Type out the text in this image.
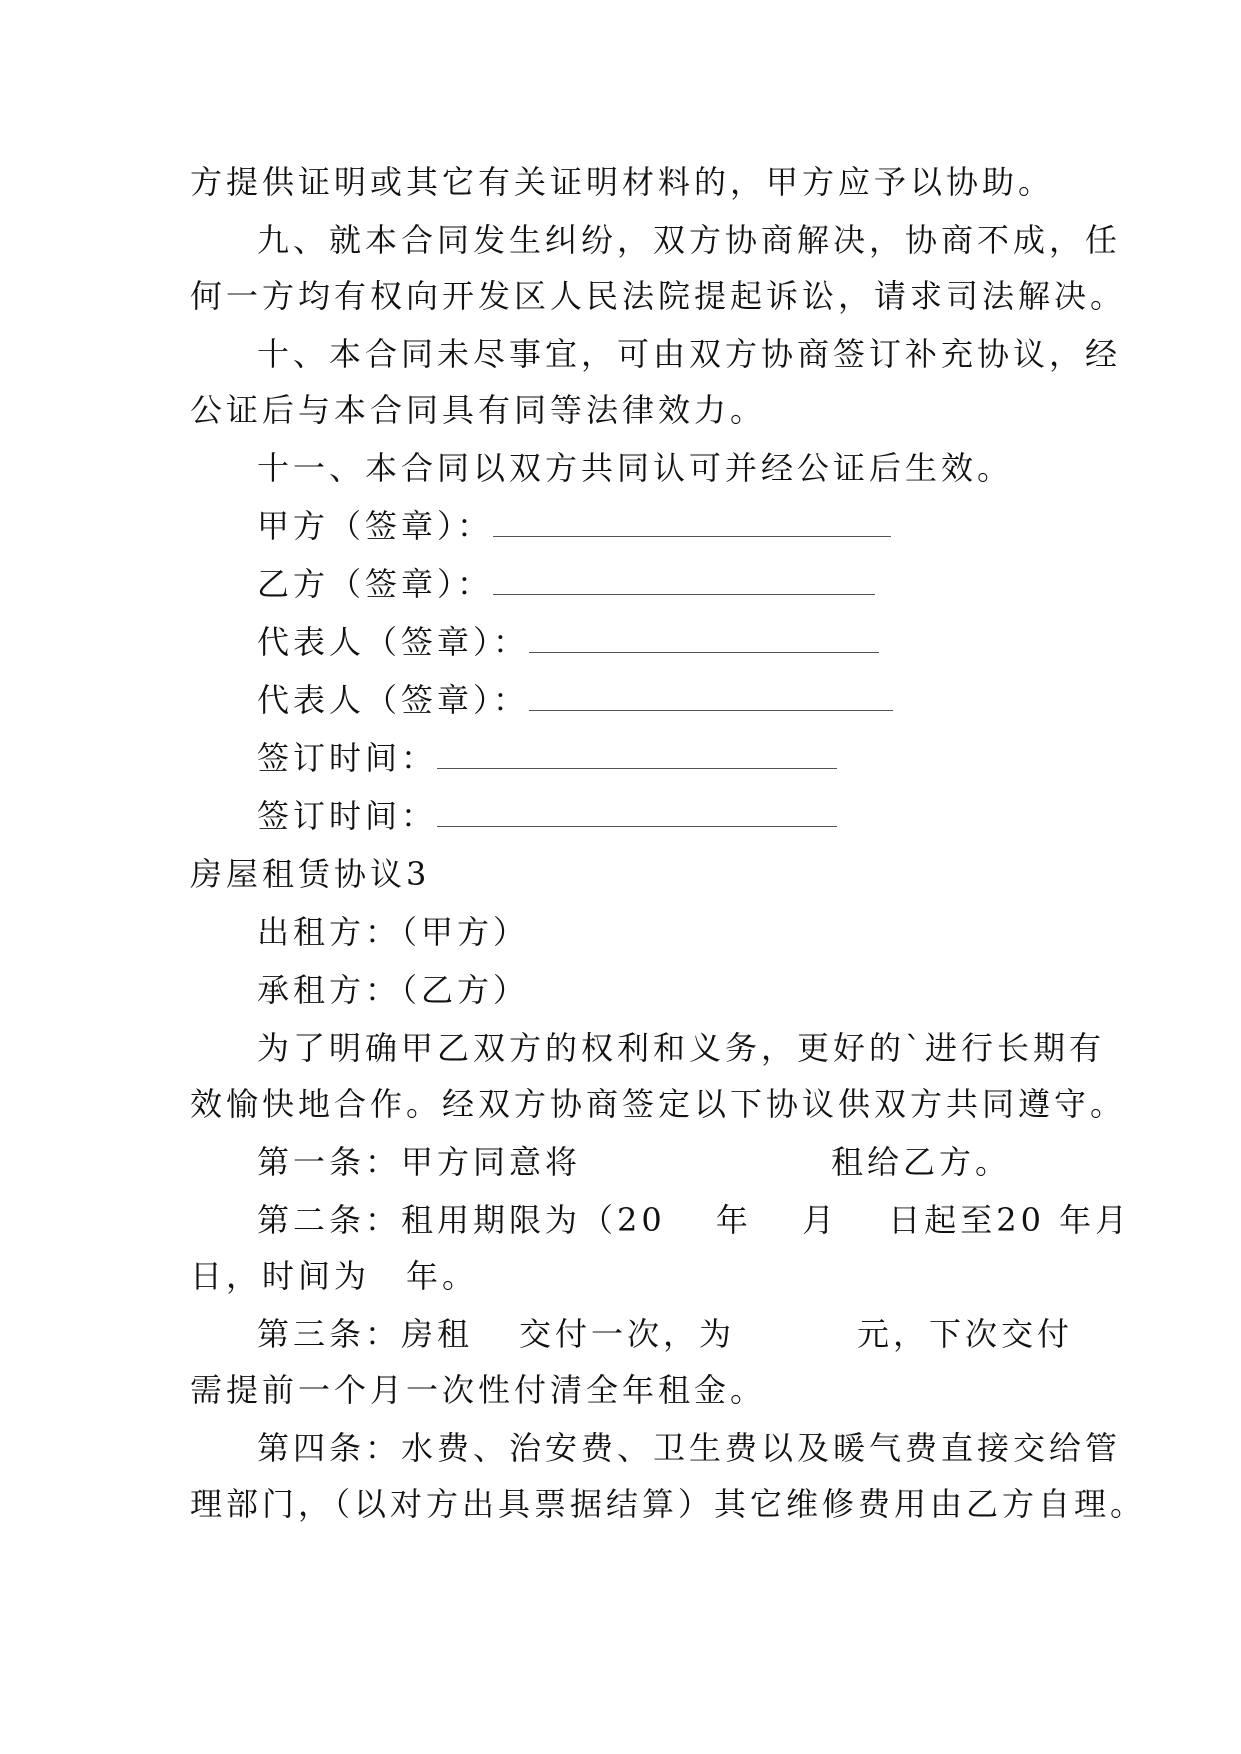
方提供证明或其它有关证明材料的，甲方应予以协助。
九、就本合同发生纠纷，双方协商解决，协商不成，任
何一方均有权向开发区人民法院提起诉讼，请求司法解决。
十、本合同未尽事宜，可由双方协商签订补充协议，经
公证后与本合同具有同等法律效力。
十一、本合同以双方共同认可并经公证后生效。
甲方（签章）：
乙方（签章）：
代表人（签章）：
代表人（签章）：
签订时间：
签订时间：
房屋租赁协议3
出租方：（甲方）
承租方：（乙方）
为了明确甲乙双方的权利和义务，更好的`进行长期有
效愉快地合作。经双方协商签定以下协议供双方共同遵守。
第一条：甲方同意将	租给乙方。
第二条：租用期限为（20　 年　 月　 日起至20 年月
日，时间为　年。
第三条：房租 交付一次，为	元，下次交付
需提前一个月一次性付清全年租金。
第四条：水费、治安费、卫生费以及暖气费直接交给管
理部门，（以对方出具票据结算）其它维修费用由乙方自理。
